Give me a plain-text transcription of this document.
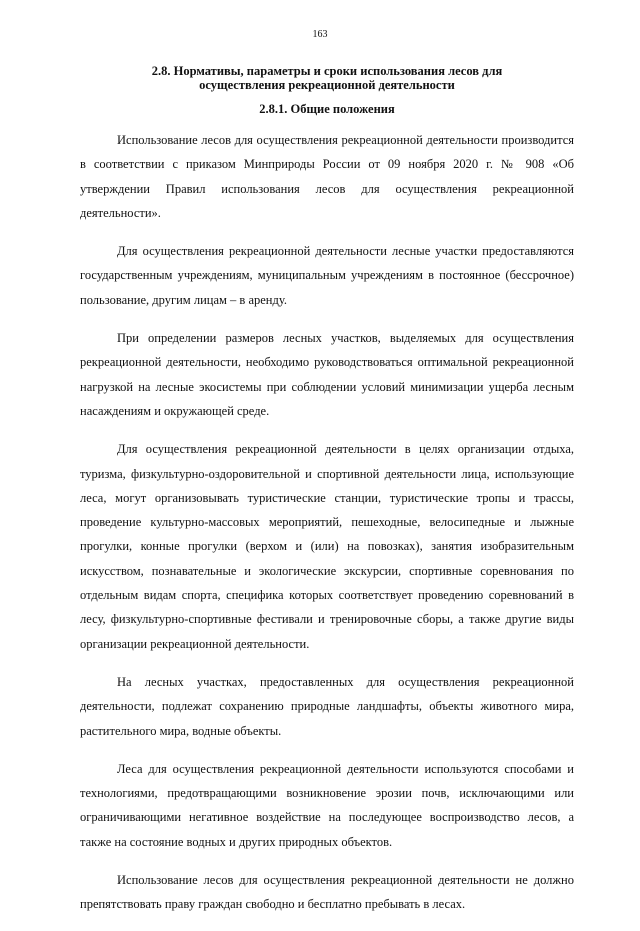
163
2.8. Нормативы, параметры и сроки использования лесов для
осуществления рекреационной деятельности
2.8.1. Общие положения

Использование лесов для осуществления рекреационной деятельности производится в соответствии с приказом Минприроды России от 09 ноября 2020 г. № 908 «Об утверждении Правил использования лесов для осуществления рекреационной деятельности».

Для осуществления рекреационной деятельности лесные участки предоставляются государственным учреждениям, муниципальным учреждениям в постоянное (бессрочное) пользование, другим лицам – в аренду.

При определении размеров лесных участков, выделяемых для осуществления рекреационной деятельности, необходимо руководствоваться оптимальной рекреационной нагрузкой на лесные экосистемы при соблюдении условий минимизации ущерба лесным насаждениям и окружающей среде.

Для осуществления рекреационной деятельности в целях организации отдыха, туризма, физкультурно-оздоровительной и спортивной деятельности лица, использующие леса, могут организовывать туристические станции, туристические тропы и трассы, проведение культурно-массовых мероприятий, пешеходные, велосипедные и лыжные прогулки, конные прогулки (верхом и (или) на повозках), занятия изобразительным искусством, познавательные и экологические экскурсии, спортивные соревнования по отдельным видам спорта, специфика которых соответствует проведению соревнований в лесу, физкультурно-спортивные фестивали и тренировочные сборы, а также другие виды организации рекреационной деятельности.

На лесных участках, предоставленных для осуществления рекреационной деятельности, подлежат сохранению природные ландшафты, объекты животного мира, растительного мира, водные объекты.

Леса для осуществления рекреационной деятельности используются способами и технологиями, предотвращающими возникновение эрозии почв, исключающими или ограничивающими негативное воздействие на последующее воспроизводство лесов, а также на состояние водных и других природных объектов.

Использование лесов для осуществления рекреационной деятельности не должно препятствовать праву граждан свободно и бесплатно пребывать в лесах.
